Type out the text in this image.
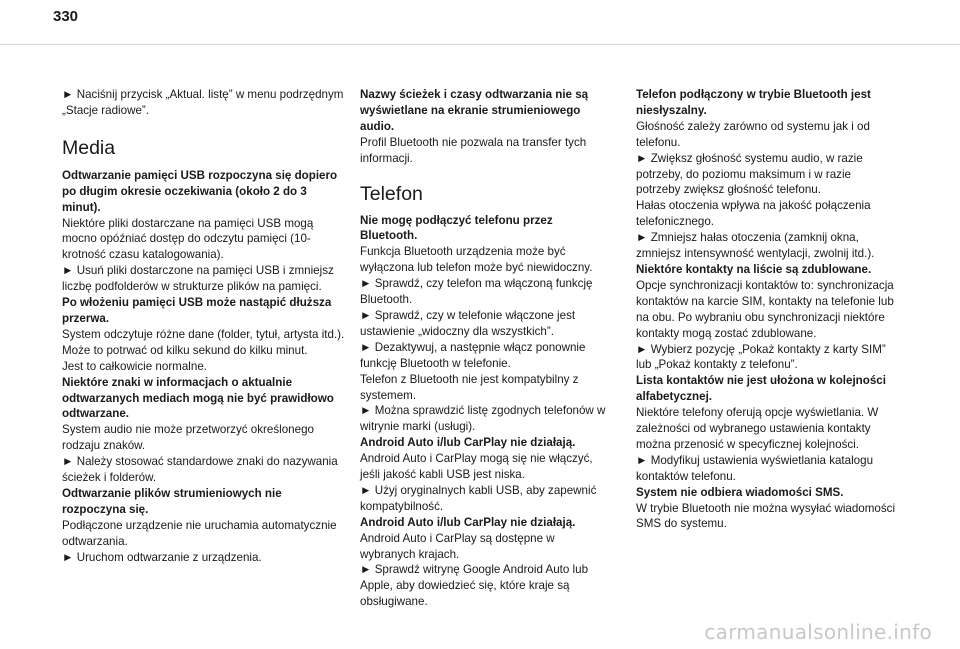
330

► Naciśnij przycisk „Aktual. listę” w menu podrzędnym „Stacje radiowe”.

Media

Odtwarzanie pamięci USB rozpoczyna się dopiero po długim okresie oczekiwania (około 2 do 3 minut).

Niektóre pliki dostarczane na pamięci USB mogą mocno opóźniać dostęp do odczytu pamięci (10-krotność czasu katalogowania).

► Usuń pliki dostarczone na pamięci USB i zmniejsz liczbę podfolderów w strukturze plików na pamięci.

Po włożeniu pamięci USB może nastąpić dłuższa przerwa.

System odczytuje różne dane (folder, tytuł, artysta itd.). Może to potrwać od kilku sekund do kilku minut.

Jest to całkowicie normalne.

Niektóre znaki w informacjach o aktualnie odtwarzanych mediach mogą nie być prawidłowo odtwarzane.

System audio nie może przetworzyć określonego rodzaju znaków.

► Należy stosować standardowe znaki do nazywania ścieżek i folderów.

Odtwarzanie plików strumieniowych nie rozpoczyna się.

Podłączone urządzenie nie uruchamia automatycznie odtwarzania.

► Uruchom odtwarzanie z urządzenia.

Nazwy ścieżek i czasy odtwarzania nie są wyświetlane na ekranie strumieniowego audio.

Profil Bluetooth nie pozwala na transfer tych informacji.

Telefon

Nie mogę podłączyć telefonu przez Bluetooth.

Funkcja Bluetooth urządzenia może być wyłączona lub telefon może być niewidoczny.

► Sprawdź, czy telefon ma włączoną funkcję Bluetooth.

► Sprawdź, czy w telefonie włączone jest ustawienie „widoczny dla wszystkich”.

► Dezaktywuj, a następnie włącz ponownie funkcję Bluetooth w telefonie.

Telefon z Bluetooth nie jest kompatybilny z systemem.

► Można sprawdzić listę zgodnych telefonów w witrynie marki (usługi).

Android Auto i/lub CarPlay nie działają.

Android Auto i CarPlay mogą się nie włączyć, jeśli jakość kabli USB jest niska.

► Użyj oryginalnych kabli USB, aby zapewnić kompatybilność.

Android Auto i/lub CarPlay nie działają.

Android Auto i CarPlay są dostępne w wybranych krajach.

► Sprawdź witrynę Google Android Auto lub Apple, aby dowiedzieć się, które kraje są obsługiwane.

Telefon podłączony w trybie Bluetooth jest niesłyszalny.

Głośność zależy zarówno od systemu jak i od telefonu.

► Zwiększ głośność systemu audio, w razie potrzeby, do poziomu maksimum i w razie potrzeby zwiększ głośność telefonu.

Hałas otoczenia wpływa na jakość połączenia telefonicznego.

► Zmniejsz hałas otoczenia (zamknij okna, zmniejsz intensywność wentylacji, zwolnij itd.).

Niektóre kontakty na liście są zdublowane.

Opcje synchronizacji kontaktów to: synchronizacja kontaktów na karcie SIM, kontakty na telefonie lub na obu. Po wybraniu obu synchronizacji niektóre kontakty mogą zostać zdublowane.

► Wybierz pozycję „Pokaż kontakty z karty SIM” lub „Pokaż kontakty z telefonu”.

Lista kontaktów nie jest ułożona w kolejności alfabetycznej.

Niektóre telefony oferują opcje wyświetlania. W zależności od wybranego ustawienia kontakty można przenosić w specyficznej kolejności.

► Modyfikuj ustawienia wyświetlania katalogu kontaktów telefonu.

System nie odbiera wiadomości SMS.

W trybie Bluetooth nie można wysyłać wiadomości SMS do systemu.

carmanualsonline.info
